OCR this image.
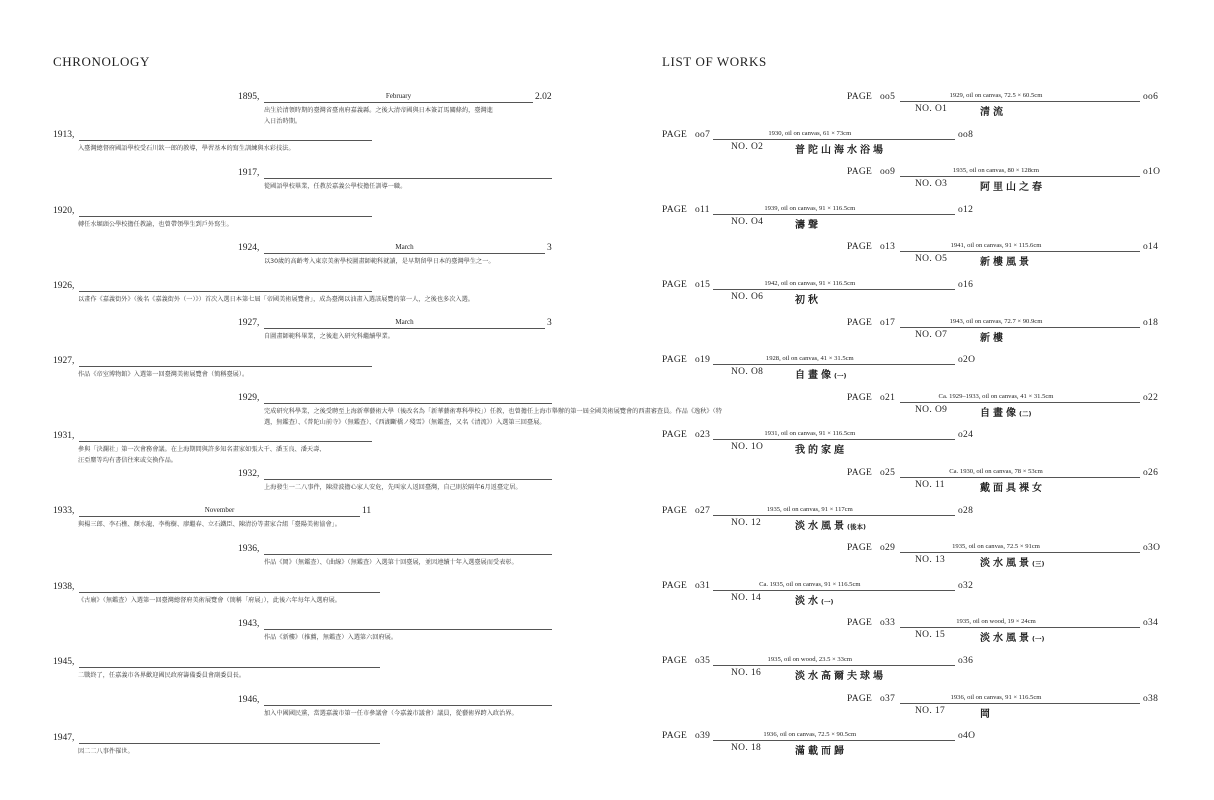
CHRONOLOGY	LIST OF WORKS
1895,	February	2.02
出生於清領時期的臺灣省臺南府嘉義縣。之後大清帝國與日本簽訂馬關條約，臺灣進
入日治時期。
1913,
入臺灣總督府國語學校受石川欽一郎的教導，學習基本的寫生訓練與水彩技法。
1917,
從國語學校畢業，任教於嘉義公學校擔任訓導一職。
1920,
轉任水堀頭公學校擔任教諭，也曾帶領學生到戶外寫生。
1924,	March	3
以30歲的高齡考入東京美術學校圖畫師範科就讀，是早期留學日本的臺灣學生之一。
1926,
以畫作《嘉義街外》（後名《嘉義街外（一）》）首次入選日本第七屆「帝國美術展覽會」，成為臺灣以油畫入選該展覽的第一人，之後也多次入選。
1927,	March	3
自圖畫師範科畢業，之後進入研究科繼續學業。
1927,
作品《帝室博物館》入選第一回臺灣美術展覽會（簡稱臺展）。
1929,
完成研究科學業，之後受聘至上海新華藝術大學（後改名為「新華藝術專科學校」）任教，也曾擔任上海市舉辦的第一屆全國美術展覽會的西畫審查員。作品《逸秋》（特
選，無鑑查）、《普陀山前寺》（無鑑查）、《西湖斷橋ノ殘雪》（無鑑查，又名《清流》）入選第三回臺展。
1931,
參與「決瀾社」第一次會務會議。在上海期間與許多知名畫家如張大千、潘玉良、潘天壽、
汪亞塵等均有書信往來或交換作品。
1932,
上海發生一二八事件，陳澄波擔心家人安危，先叫家人返回臺灣，自己則於隔年6月返臺定居。
1933,	November	11
與楊三郎、李石樵、顏水龍、李梅樹、廖繼春、立石鐵臣、陳清汾等畫家合組「臺陽美術協會」。
1936,
作品《岡》（無鑑查）、《曲線》（無鑑查）入選第十回臺展，並因連續十年入選臺展而受表彰。
1938,
《古廟》（無鑑查）入選第一回臺灣總督府美術展覽會（簡稱「府展」），此後六年每年入選府展。
1943,
作品《新樓》（推薦，無鑑查）入選第六回府展。
1945,
二戰終了，任嘉義市各界歡迎國民政府籌備委員會副委員長。
1946,
加入中國國民黨，當選嘉義市第一任市參議會（今嘉義市議會）議員，從藝術界跨入政治界。
1947,
因二二八事件罹世。
PAGE oo5	1929, oil on canvas, 72.5 × 60.5cm	oo6
NO. O1	清流
PAGE oo7	1930, oil on canvas, 61 × 73cm	oo8
NO. O2	普陀山海水浴場
PAGE oo9	1935, oil on canvas, 80 × 128cm	o1O
NO. O3	阿里山之春
PAGE o11	1939, oil on canvas, 91 × 116.5cm	o12
NO. O4	濤聲
PAGE o13	1941, oil on canvas, 91 × 115.6cm	o14
NO. O5	新樓風景
PAGE o15	1942, oil on canvas, 91 × 116.5cm	o16
NO. O6	初秋
PAGE o17	1943, oil on canvas, 72.7 × 90.9cm	o18
NO. O7	新樓
PAGE o19	1928, oil on canvas, 41 × 31.5cm	o2O
NO. O8	自畫像(一)
PAGE o21	Ca. 1929–1933, oil on canvas, 41 × 31.5cm	o22
NO. O9	自畫像(二)
PAGE o23	1931, oil on canvas, 91 × 116.5cm	o24
NO. 1O	我的家庭
PAGE o25	Ca. 1930, oil on canvas, 78 × 53cm	o26
NO. 11	戴面具裸女
PAGE o27	1935, oil on canvas, 91 × 117cm	o28
NO. 12	淡水風景(後本)
PAGE o29	1935, oil on canvas, 72.5 × 91cm	o3O
NO. 13	淡水風景(三)
PAGE o31	Ca. 1935, oil on canvas, 91 × 116.5cm	o32
NO. 14	淡水(一)
PAGE o33	1935, oil on wood, 19 × 24cm	o34
NO. 15	淡水風景(一)
PAGE o35	1935, oil on wood, 23.5 × 33cm	o36
NO. 16	淡水高爾夫球場
PAGE o37	1936, oil on canvas, 91 × 116.5cm	o38
NO. 17	岡
PAGE o39	1936, oil on canvas, 72.5 × 90.5cm	o4O
NO. 18	滿載而歸
